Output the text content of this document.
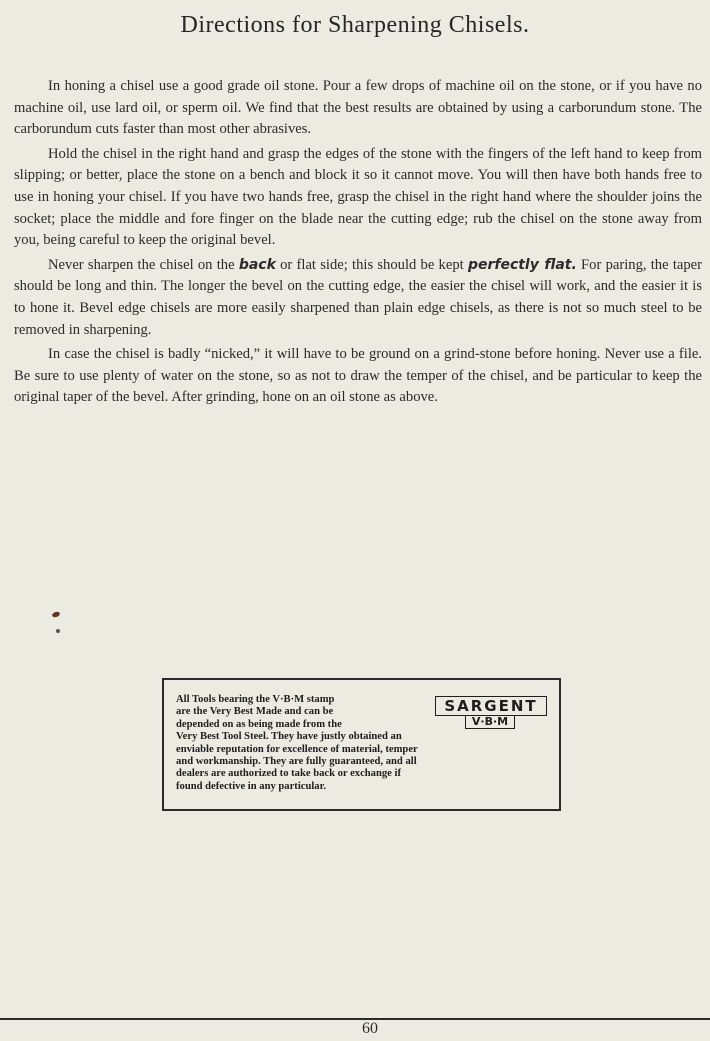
Directions for Sharpening Chisels.

In honing a chisel use a good grade oil stone. Pour a few drops of machine oil on the stone, or if you have no machine oil, use lard oil, or sperm oil. We find that the best results are obtained by using a carborundum stone. The carborundum cuts faster than most other abrasives.

Hold the chisel in the right hand and grasp the edges of the stone with the fingers of the left hand to keep from slipping; or better, place the stone on a bench and block it so it cannot move. You will then have both hands free to use in honing your chisel. If you have two hands free, grasp the chisel in the right hand where the shoulder joins the socket; place the middle and fore finger on the blade near the cutting edge; rub the chisel on the stone away from you, being careful to keep the original bevel.

Never sharpen the chisel on the back or flat side; this should be kept perfectly flat. For paring, the taper should be long and thin. The longer the bevel on the cutting edge, the easier the chisel will work, and the easier it is to hone it. Bevel edge chisels are more easily sharpened than plain edge chisels, as there is not so much steel to be removed in sharpening.

In case the chisel is badly “nicked,” it will have to be ground on a grind-stone before honing. Never use a file. Be sure to use plenty of water on the stone, so as not to draw the temper of the chisel, and be particular to keep the original taper of the bevel. After grinding, hone on an oil stone as above.

All Tools bearing the V·B·M stamp
are the Very Best Made and can be
depended on as being made from the
Very Best Tool Steel. They have justly obtained an
enviable reputation for excellence of material, temper
and workmanship. They are fully guaranteed, and all
dealers are authorized to take back or exchange if
found defective in any particular.
SARGENT
V·B·M
60
